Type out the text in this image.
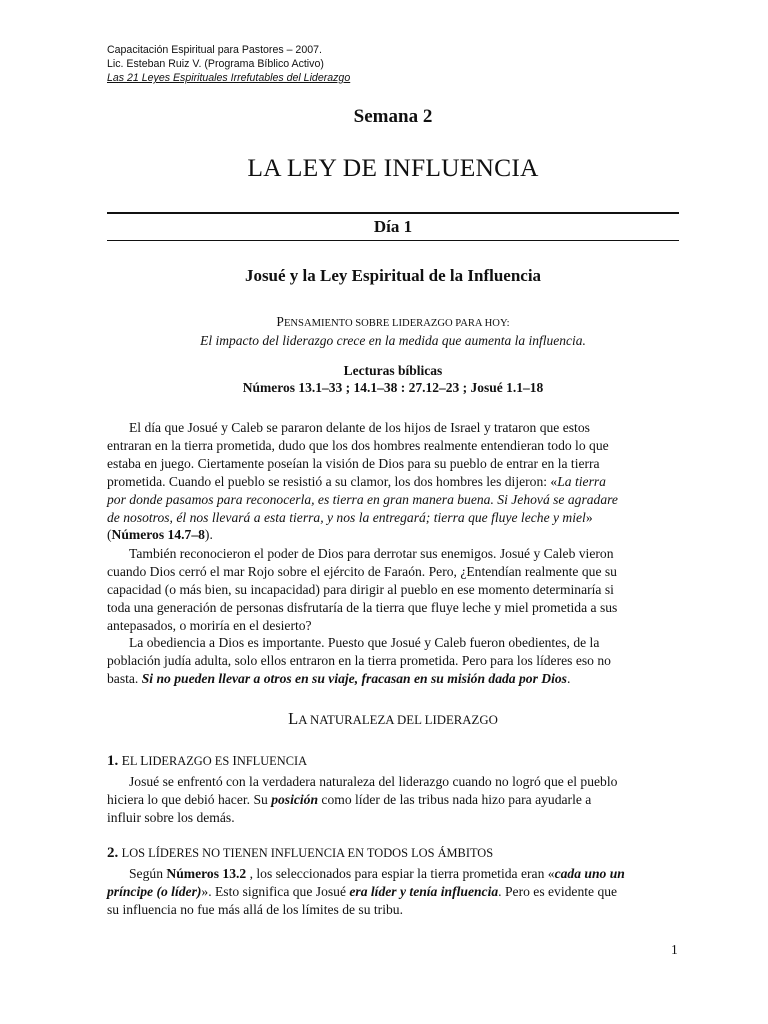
Capacitación Espiritual para Pastores – 2007.
Lic. Esteban Ruiz V. (Programa Bíblico Activo)
Las 21 Leyes Espirituales Irrefutables del Liderazgo
Semana 2
LA LEY DE INFLUENCIA
Día 1
Josué y la Ley Espiritual de la Influencia
PENSAMIENTO SOBRE LIDERAZGO PARA HOY:
El impacto del liderazgo crece en la medida que aumenta la influencia.
Lecturas bíblicas
Números 13.1–33 ; 14.1–38 : 27.12–23 ; Josué 1.1–18
El día que Josué y Caleb se pararon delante de los hijos de Israel y trataron que estos
entraran en la tierra prometida, dudo que los dos hombres realmente entendieran todo lo que
estaba en juego. Ciertamente poseían la visión de Dios para su pueblo de entrar en la tierra
prometida. Cuando el pueblo se resistió a su clamor, los dos hombres les dijeron: «La tierra
por donde pasamos para reconocerla, es tierra en gran manera buena. Si Jehová se agradare
de nosotros, él nos llevará a esta tierra, y nos la entregará; tierra que fluye leche y miel»
(Números 14.7–8).
También reconocieron el poder de Dios para derrotar sus enemigos. Josué y Caleb vieron
cuando Dios cerró el mar Rojo sobre el ejército de Faraón. Pero, ¿Entendían realmente que su
capacidad (o más bien, su incapacidad) para dirigir al pueblo en ese momento determinaría si
toda una generación de personas disfrutaría de la tierra que fluye leche y miel prometida a sus
antepasados, o moriría en el desierto?
La obediencia a Dios es importante. Puesto que Josué y Caleb fueron obedientes, de la
población judía adulta, solo ellos entraron en la tierra prometida. Pero para los líderes eso no
basta. Si no pueden llevar a otros en su viaje, fracasan en su misión dada por Dios.
LA NATURALEZA DEL LIDERAZGO
1. EL LIDERAZGO ES INFLUENCIA
Josué se enfrentó con la verdadera naturaleza del liderazgo cuando no logró que el pueblo
hiciera lo que debió hacer. Su posición como líder de las tribus nada hizo para ayudarle a
influir sobre los demás.
2. LOS LÍDERES NO TIENEN INFLUENCIA EN TODOS LOS ÁMBITOS
Según Números 13.2 , los seleccionados para espiar la tierra prometida eran «cada uno un
príncipe (o líder)». Esto significa que Josué era líder y tenía influencia. Pero es evidente que
su influencia no fue más allá de los límites de su tribu.
1
